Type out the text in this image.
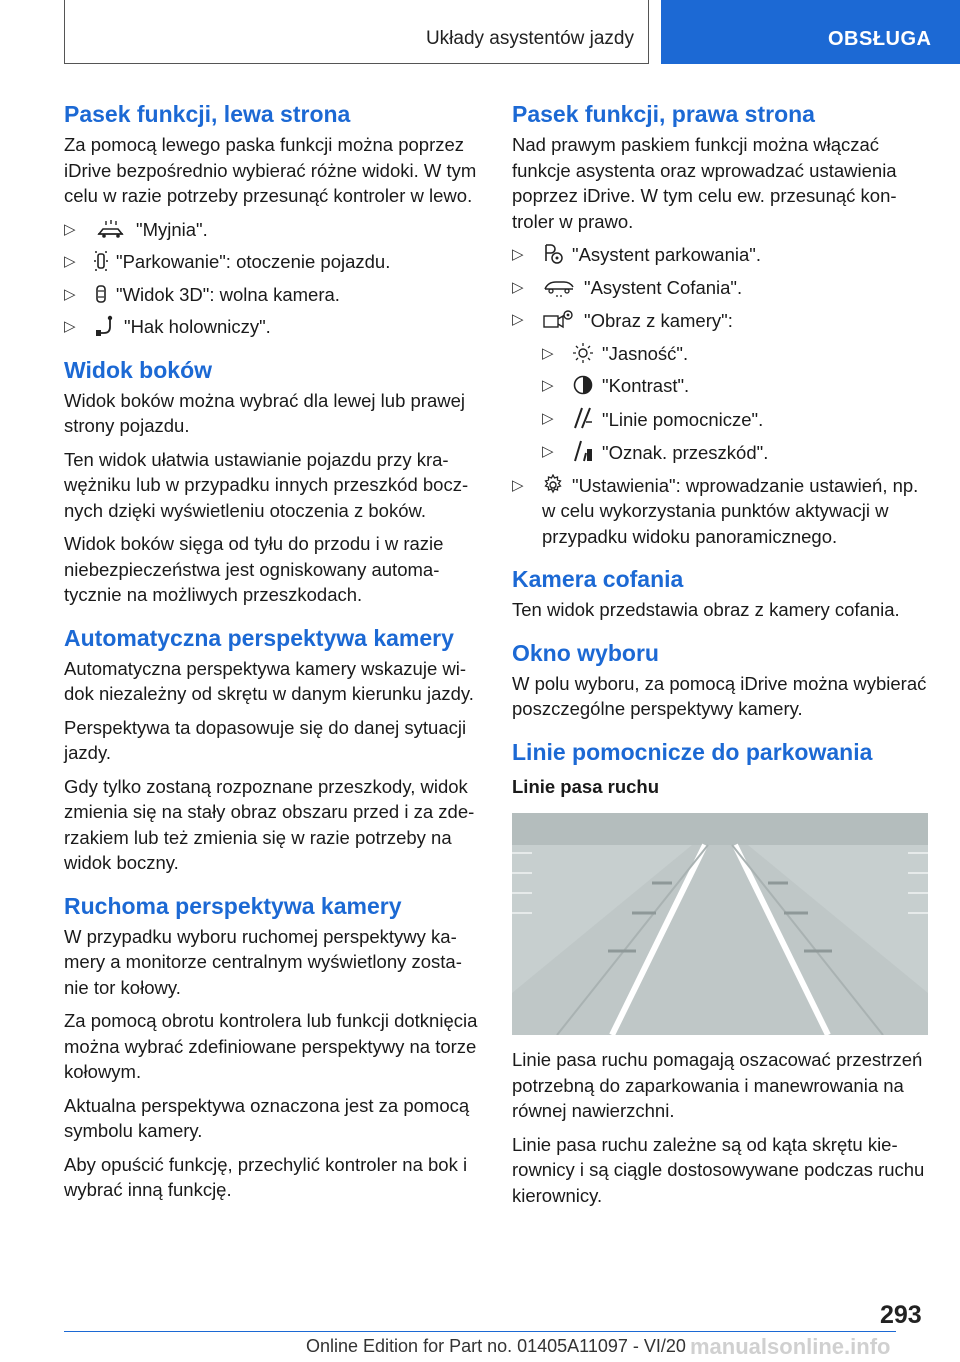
Układy asystentów jazdy	OBSŁUGA
Pasek funkcji, lewa strona

Za pomocą lewego paska funkcji można poprzez iDrive bezpośrednio wybierać różne widoki. W tym celu w razie potrzeby przesunąć kontroler w lewo.

▷	"Myjnia".
▷ "Parkowanie": otoczenie pojazdu.
▷ "Widok 3D": wolna kamera.
▷	"Hak holowniczy".
Widok boków

Widok boków można wybrać dla lewej lub prawej strony pojazdu.

Ten widok ułatwia ustawianie pojazdu przy krawężniku lub w przypadku innych przeszkód bocznych dzięki wyświetleniu otoczenia z boków.

Widok boków sięga od tyłu do przodu i w razie niebezpieczeństwa jest ogniskowany automatycznie na możliwych przeszkodach.

Automatyczna perspektywa kamery

Automatyczna perspektywa kamery wskazuje widok niezależny od skrętu w danym kierunku jazdy.

Perspektywa ta dopasowuje się do danej sytuacji jazdy.

Gdy tylko zostaną rozpoznane przeszkody, widok zmienia się na stały obraz obszaru przed i za zderzakiem lub też zmienia się w razie potrzeby na widok boczny.

Ruchoma perspektywa kamery

W przypadku wyboru ruchomej perspektywy kamery a monitorze centralnym wyświetlony zostanie tor kołowy.

Za pomocą obrotu kontrolera lub funkcji dotknięcia można wybrać zdefiniowane perspektywy na torze kołowym.

Aktualna perspektywa oznaczona jest za pomocą symbolu kamery.

Aby opuścić funkcję, przechylić kontroler na bok i wybrać inną funkcję.

Pasek funkcji, prawa strona

Nad prawym paskiem funkcji można włączać funkcje asystenta oraz wprowadzać ustawienia poprzez iDrive. W tym celu ew. przesunąć kontroler w prawo.

▷	"Asystent parkowania".
▷	"Asystent Cofania".
▷	"Obraz z kamery":
▷	"Jasność".
▷	"Kontrast".
▷	"Linie pomocnicze".
▷	"Oznak. przeszkód".
▷	"Ustawienia": wprowadzanie ustawień, np. w celu wykorzystania punktów aktywacji w przypadku widoku panoramicznego.
Kamera cofania

Ten widok przedstawia obraz z kamery cofania.

Okno wyboru

W polu wyboru, za pomocą iDrive można wybierać poszczególne perspektywy kamery.

Linie pomocnicze do parkowania
Linie pasa ruchu

Linie pasa ruchu pomagają oszacować przestrzeń potrzebną do zaparkowania i manewrowania na równej nawierzchni.

Linie pasa ruchu zależne są od kąta skrętu kierownicy i są ciągle dostosowywane podczas ruchu kierownicy.

293
Online Edition for Part no. 01405A11097 - VI/20 manualsonline.info
